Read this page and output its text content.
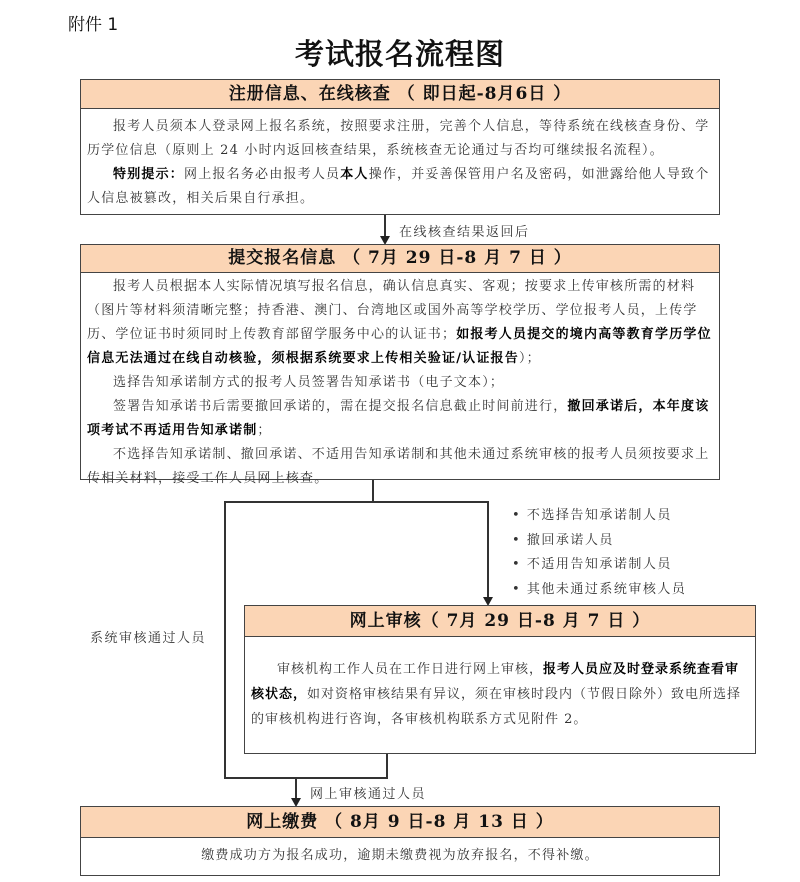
附件 1
考试报名流程图
注册信息、在线核查 （ 即日起-8月6日 ）

报考人员须本人登录网上报名系统，按照要求注册，完善个人信息，等待系统在线核查身份、学历学位信息（原则上 24 小时内返回核查结果，系统核查无论通过与否均可继续报名流程）。

特别提示：网上报名务必由报考人员本人操作，并妥善保管用户名及密码，如泄露给他人导致个人信息被篡改，相关后果自行承担。

在线核查结果返回后
提交报名信息 （ 7月 29 日-8 月 7 日 ）

报考人员根据本人实际情况填写报名信息，确认信息真实、客观；按要求上传审核所需的材料（图片等材料须清晰完整；持香港、澳门、台湾地区或国外高等学校学历、学位报考人员，上传学历、学位证书时须同时上传教育部留学服务中心的认证书；如报考人员提交的境内高等教育学历学位信息无法通过在线自动核验，须根据系统要求上传相关验证/认证报告）；

选择告知承诺制方式的报考人员签署告知承诺书（电子文本）；

签署告知承诺书后需要撤回承诺的，需在提交报名信息截止时间前进行，撤回承诺后，本年度该项考试不再适用告知承诺制；

不选择告知承诺制、撤回承诺、不适用告知承诺制和其他未通过系统审核的报考人员须按要求上传相关材料，接受工作人员网上核查。

• 不选择告知承诺制人员
• 撤回承诺人员
• 不适用告知承诺制人员
• 其他未通过系统审核人员
系统审核通过人员
网上审核（ 7月 29 日-8 月 7 日 ）

审核机构工作人员在工作日进行网上审核，报考人员应及时登录系统查看审核状态，如对资格审核结果有异议，须在审核时段内（节假日除外）致电所选择的审核机构进行咨询，各审核机构联系方式见附件 2。

网上审核通过人员
网上缴费 （ 8月 9 日-8 月 13 日 ）

缴费成功方为报名成功，逾期未缴费视为放弃报名，不得补缴。
